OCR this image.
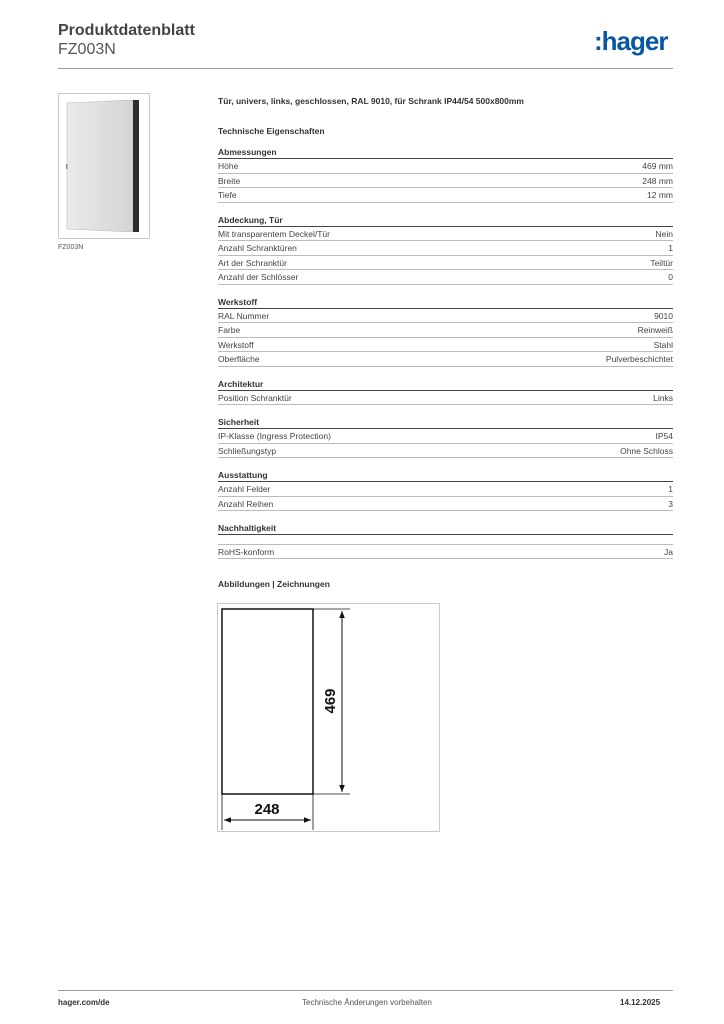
Produktdatenblatt
FZ003N	:hager
FZ003N
Tür, univers, links, geschlossen, RAL 9010, für Schrank IP44/54 500x800mm
Technische Eigenschaften
Abmessungen
Höhe	469 mm
Breite	248 mm
Tiefe	12 mm
Abdeckung, Tür
Mit transparentem Deckel/Tür	Nein
Anzahl Schranktüren	1
Art der Schranktür	Teiltür
Anzahl der Schlösser	0
Werkstoff
RAL Nummer	9010
Farbe	Reinweiß
Werkstoff	Stahl
Oberfläche	Pulverbeschichtet
Architektur
Position Schranktür	Links
Sicherheit
IP-Klasse (Ingress Protection)	IP54
Schließungstyp	Ohne Schloss
Ausstattung
Anzahl Felder	1
Anzahl Reihen	3
Nachhaltigkeit
RoHS-konform	Ja
Abbildungen | Zeichnungen
469
248
hager.com/de	Technische Änderungen vorbehalten	14.12.2025
